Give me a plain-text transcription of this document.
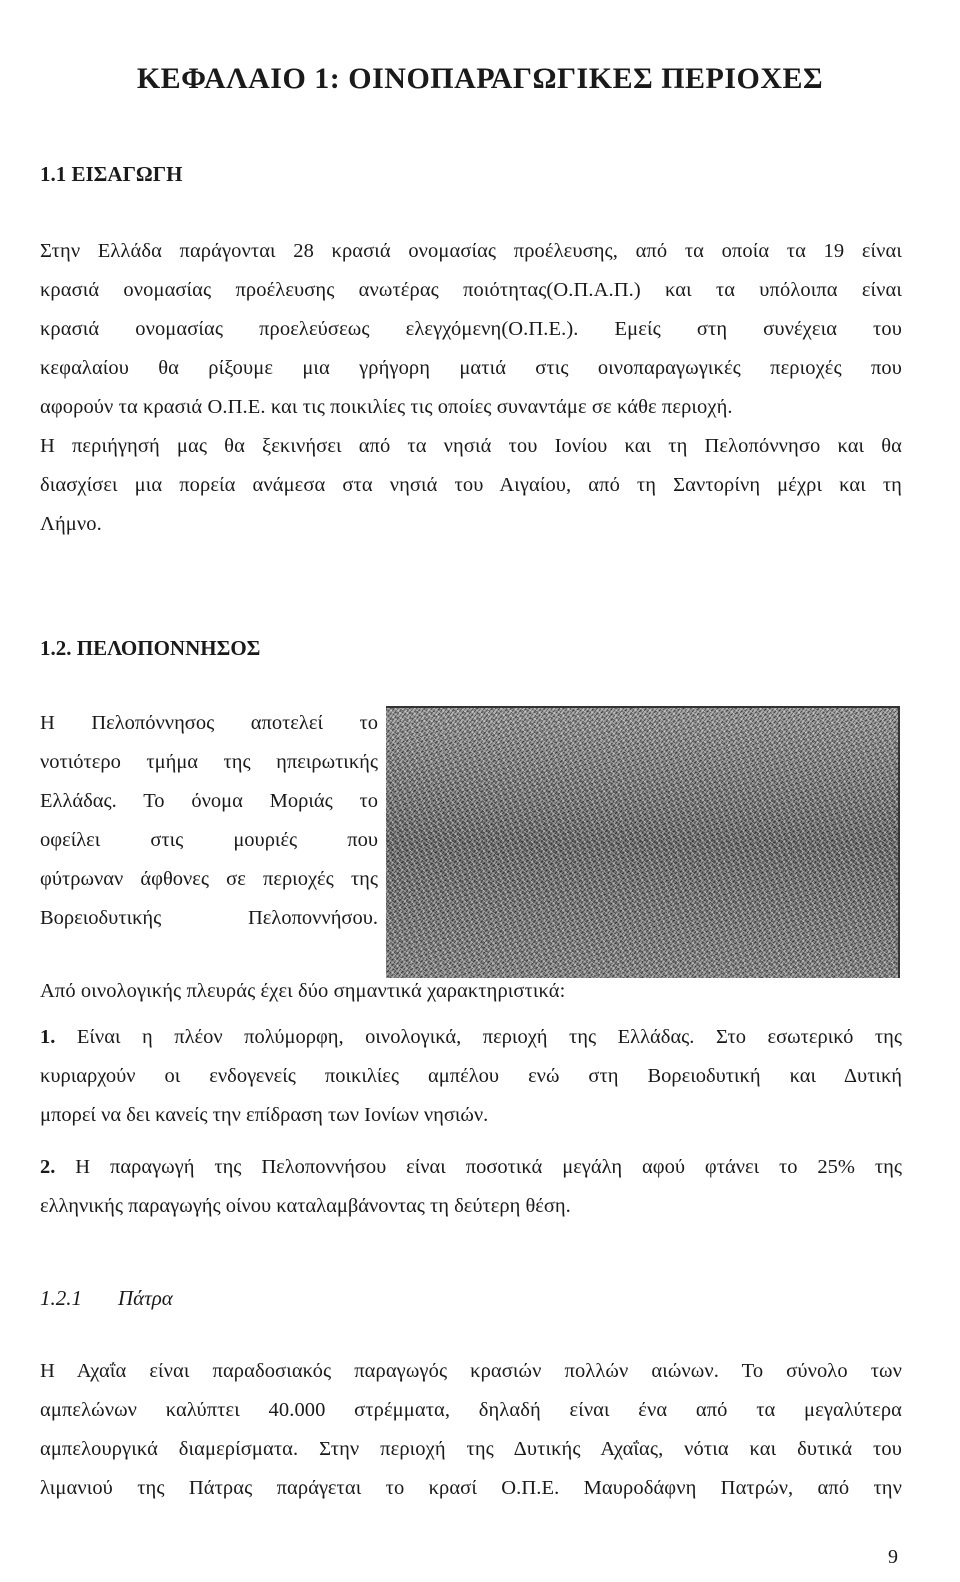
ΚΕΦΑΛΑΙΟ 1: ΟΙΝΟΠΑΡΑΓΩΓΙΚΕΣ ΠΕΡΙΟΧΕΣ
1.1 ΕΙΣΑΓΩΓΗ
Στην Ελλάδα παράγονται 28 κρασιά ονομασίας προέλευσης, από τα οποία τα 19 είναι
κρασιά ονομασίας προέλευσης ανωτέρας ποιότητας(Ο.Π.Α.Π.) και τα υπόλοιπα είναι
κρασιά ονομασίας προελεύσεως ελεγχόμενη(Ο.Π.Ε.). Εμείς στη συνέχεια του
κεφαλαίου θα ρίξουμε μια γρήγορη ματιά στις οινοπαραγωγικές περιοχές που
αφορούν τα κρασιά Ο.Π.Ε. και τις ποικιλίες τις οποίες συναντάμε σε κάθε περιοχή.
Η περιήγησή μας θα ξεκινήσει από τα νησιά του Ιονίου και τη Πελοπόννησο και θα
διασχίσει μια πορεία ανάμεσα στα νησιά του Αιγαίου, από τη Σαντορίνη μέχρι και τη
Λήμνο.
1.2. ΠΕΛΟΠΟΝΝΗΣΟΣ
Η Πελοπόννησος αποτελεί το
νοτιότερο τμήμα της ηπειρωτικής
Ελλάδας. Το όνομα Μοριάς το
οφείλει στις μουριές που
φύτρωναν άφθονες σε περιοχές της
Βορειοδυτικής Πελοποννήσου.
Από οινολογικής πλευράς έχει δύο σημαντικά χαρακτηριστικά:
1. Είναι η πλέον πολύμορφη, οινολογικά, περιοχή της Ελλάδας. Στο εσωτερικό της
κυριαρχούν οι ενδογενείς ποικιλίες αμπέλου ενώ στη Βορειοδυτική και Δυτική
μπορεί να δει κανείς την επίδραση των Ιονίων νησιών.
2. Η παραγωγή της Πελοποννήσου είναι ποσοτικά μεγάλη αφού φτάνει το 25% της
ελληνικής παραγωγής οίνου καταλαμβάνοντας τη δεύτερη θέση.
1.2.1 Πάτρα
Η Αχαΐα είναι παραδοσιακός παραγωγός κρασιών πολλών αιώνων. Το σύνολο των
αμπελώνων καλύπτει 40.000 στρέμματα, δηλαδή είναι ένα από τα μεγαλύτερα
αμπελουργικά διαμερίσματα. Στην περιοχή της Δυτικής Αχαΐας, νότια και δυτικά του
λιμανιού της Πάτρας παράγεται το κρασί Ο.Π.Ε. Μαυροδάφνη Πατρών, από την
9
